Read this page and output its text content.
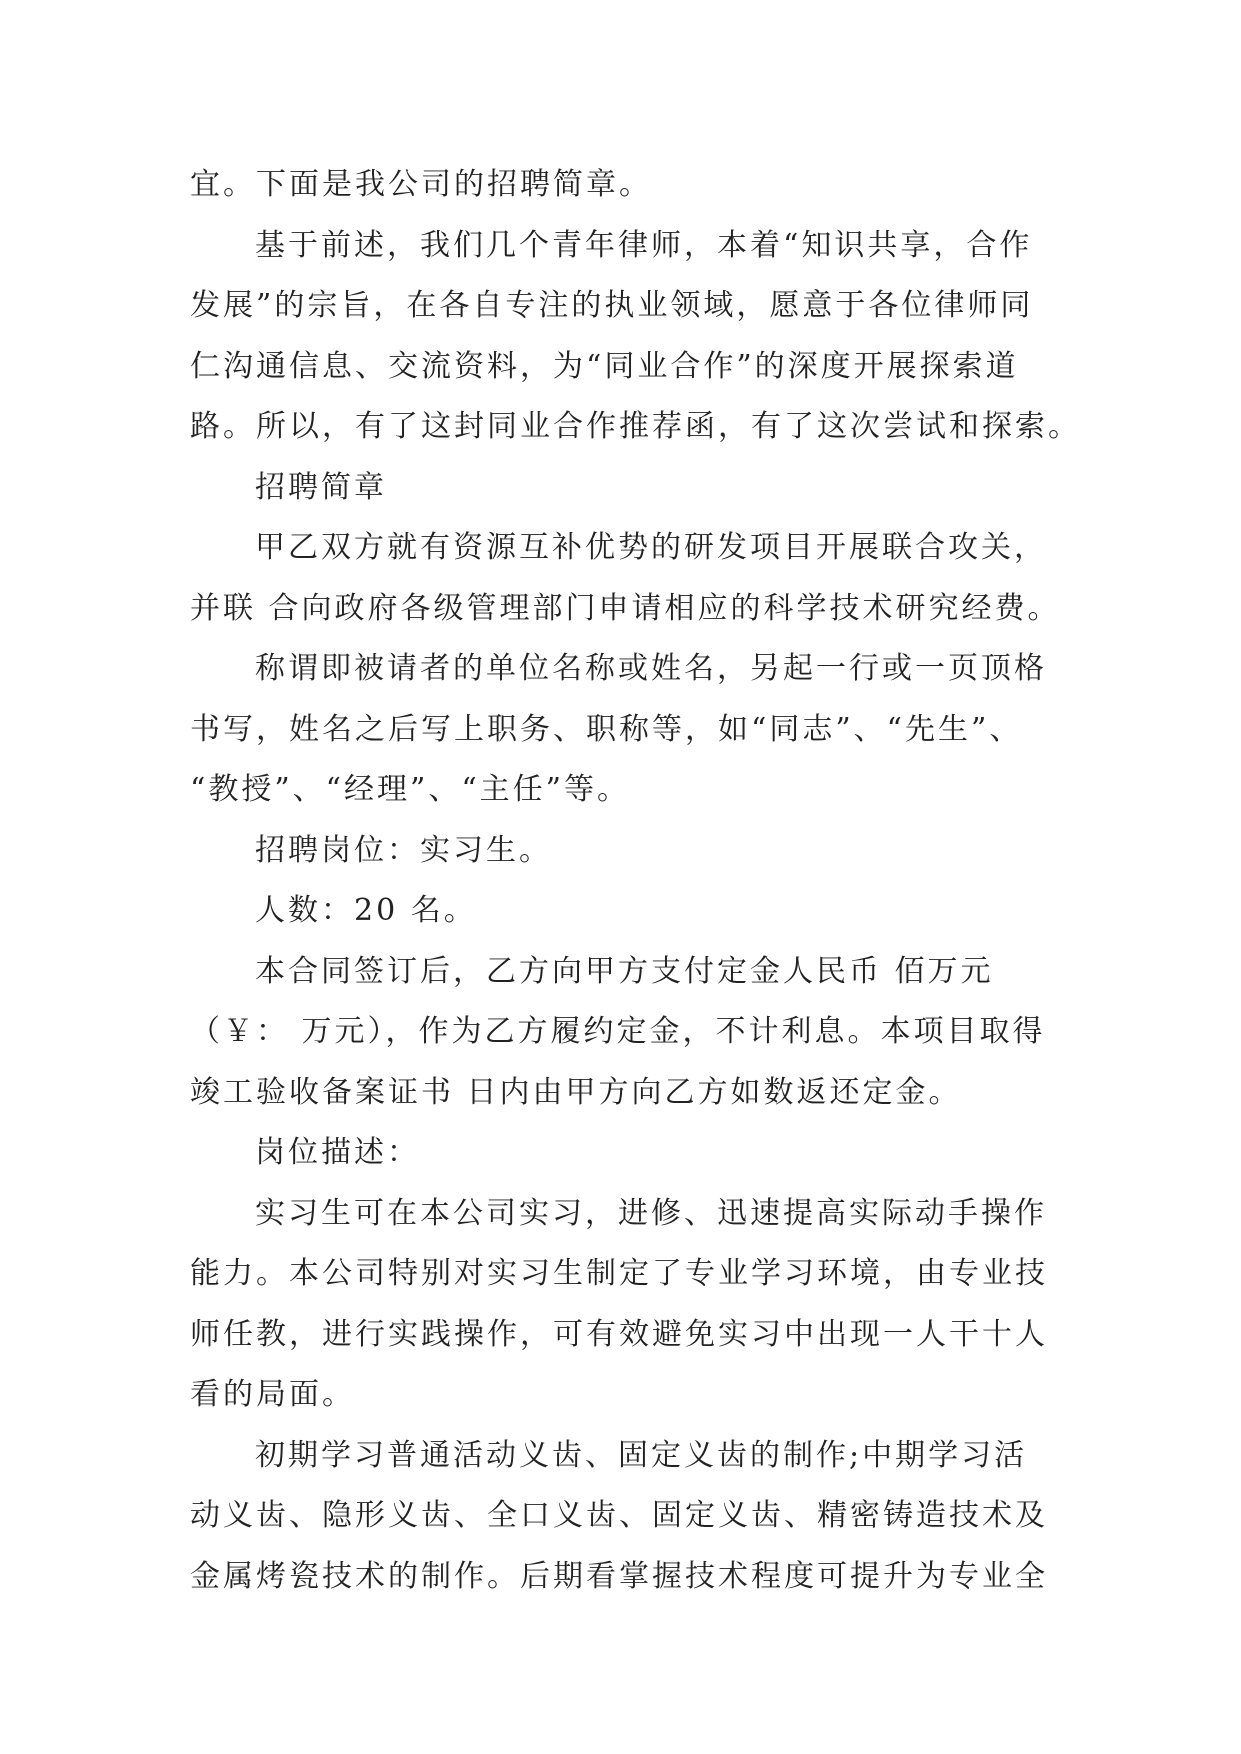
宜。下面是我公司的招聘简章。
基于前述，我们几个青年律师，本着“知识共享，合作
发展”的宗旨，在各自专注的执业领域，愿意于各位律师同
仁沟通信息、交流资料，为“同业合作”的深度开展探索道
路。所以，有了这封同业合作推荐函，有了这次尝试和探索。
招聘简章
甲乙双方就有资源互补优势的研发项目开展联合攻关，
并联 合向政府各级管理部门申请相应的科学技术研究经费。
称谓即被请者的单位名称或姓名，另起一行或一页顶格
书写，姓名之后写上职务、职称等，如“同志”、“先生”、
“教授”、“经理”、“主任”等。
招聘岗位：实习生。
人数：20 名。
本合同签订后，乙方向甲方支付定金人民币 佰万元
（￥： 万元），作为乙方履约定金，不计利息。本项目取得
竣工验收备案证书 日内由甲方向乙方如数返还定金。
岗位描述：
实习生可在本公司实习，进修、迅速提高实际动手操作
能力。本公司特别对实习生制定了专业学习环境，由专业技
师任教，进行实践操作，可有效避免实习中出现一人干十人
看的局面。
初期学习普通活动义齿、固定义齿的制作;中期学习活
动义齿、隐形义齿、全口义齿、固定义齿、精密铸造技术及
金属烤瓷技术的制作。后期看掌握技术程度可提升为专业全
